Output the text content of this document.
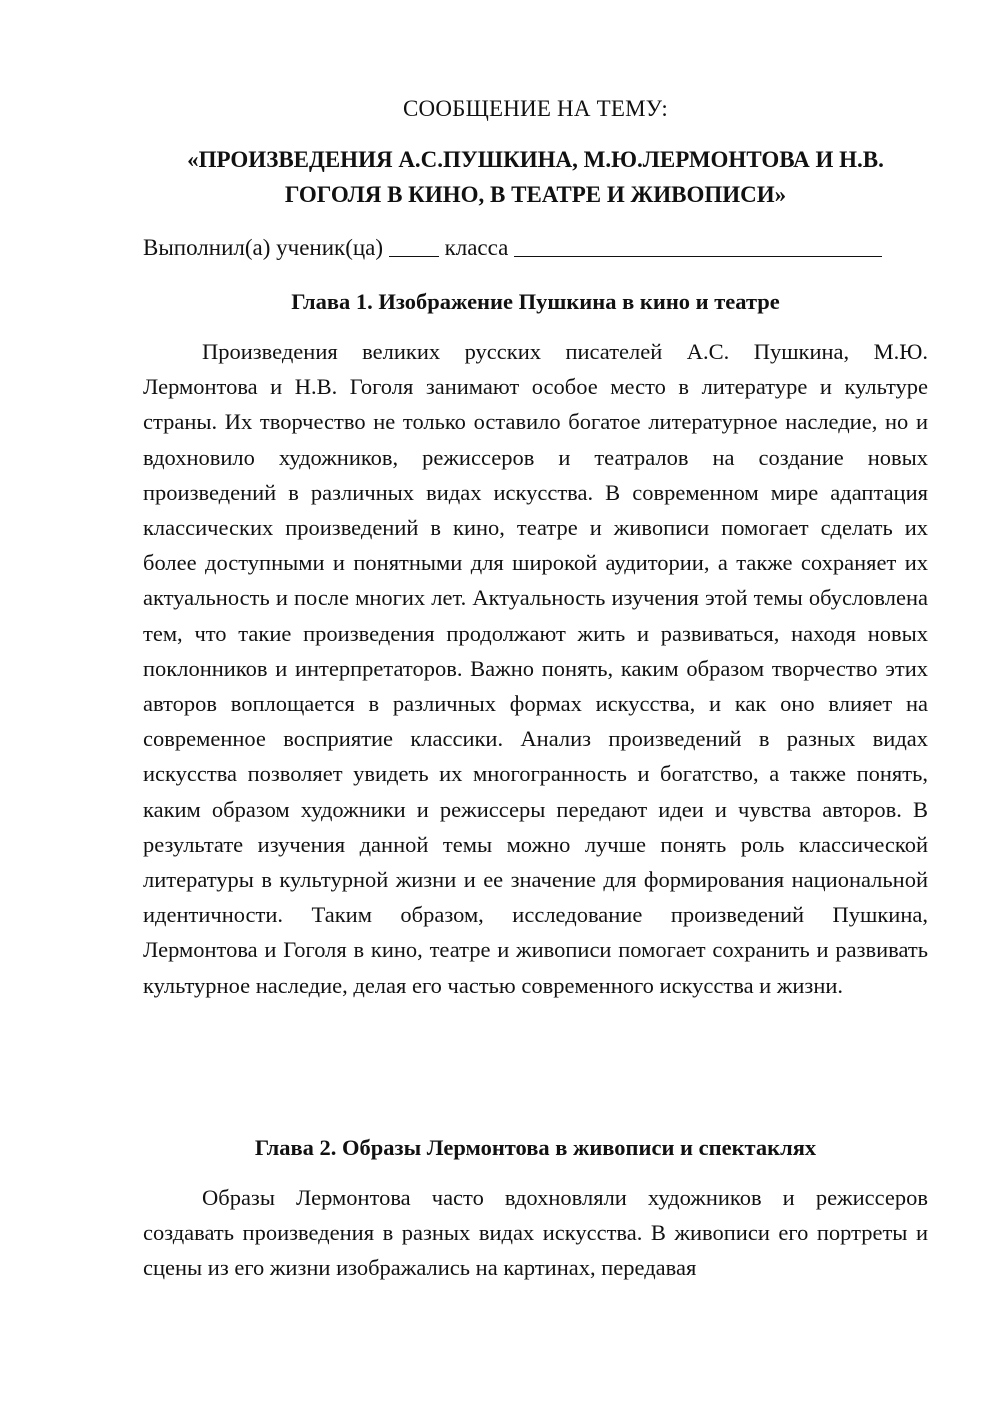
СООБЩЕНИЕ НА ТЕМУ:
«ПРОИЗВЕДЕНИЯ А.С.ПУШКИНА, М.Ю.ЛЕРМОНТОВА И Н.В.
ГОГОЛЯ В КИНО, В ТЕАТРЕ И ЖИВОПИСИ»
Выполнил(а) ученик(ца)	класса
Глава 1. Изображение Пушкина в кино и театре

Произведения великих русских писателей А.С. Пушкина, М.Ю. Лермонтова и Н.В. Гоголя занимают особое место в литературе и культуре страны. Их творчество не только оставило богатое литературное наследие, но и вдохновило художников, режиссеров и театралов на создание новых произведений в различных видах искусства. В современном мире адаптация классических произведений в кино, театре и живописи помогает сделать их более доступными и понятными для широкой аудитории, а также сохраняет их актуальность и после многих лет. Актуальность изучения этой темы обусловлена тем, что такие произведения продолжают жить и развиваться, находя новых поклонников и интерпретаторов. Важно понять, каким образом творчество этих авторов воплощается в различных формах искусства, и как оно влияет на современное восприятие классики. Анализ произведений в разных видах искусства позволяет увидеть их многогранность и богатство, а также понять, каким образом художники и режиссеры передают идеи и чувства авторов. В результате изучения данной темы можно лучше понять роль классической литературы в культурной жизни и ее значение для формирования национальной идентичности. Таким образом, исследование произведений Пушкина, Лермонтова и Гоголя в кино, театре и живописи помогает сохранить и развивать культурное наследие, делая его частью современного искусства и жизни.

Глава 2. Образы Лермонтова в живописи и спектаклях

Образы Лермонтова часто вдохновляли художников и режиссеров создавать произведения в разных видах искусства. В живописи его портреты и сцены из его жизни изображались на картинах, передавая
